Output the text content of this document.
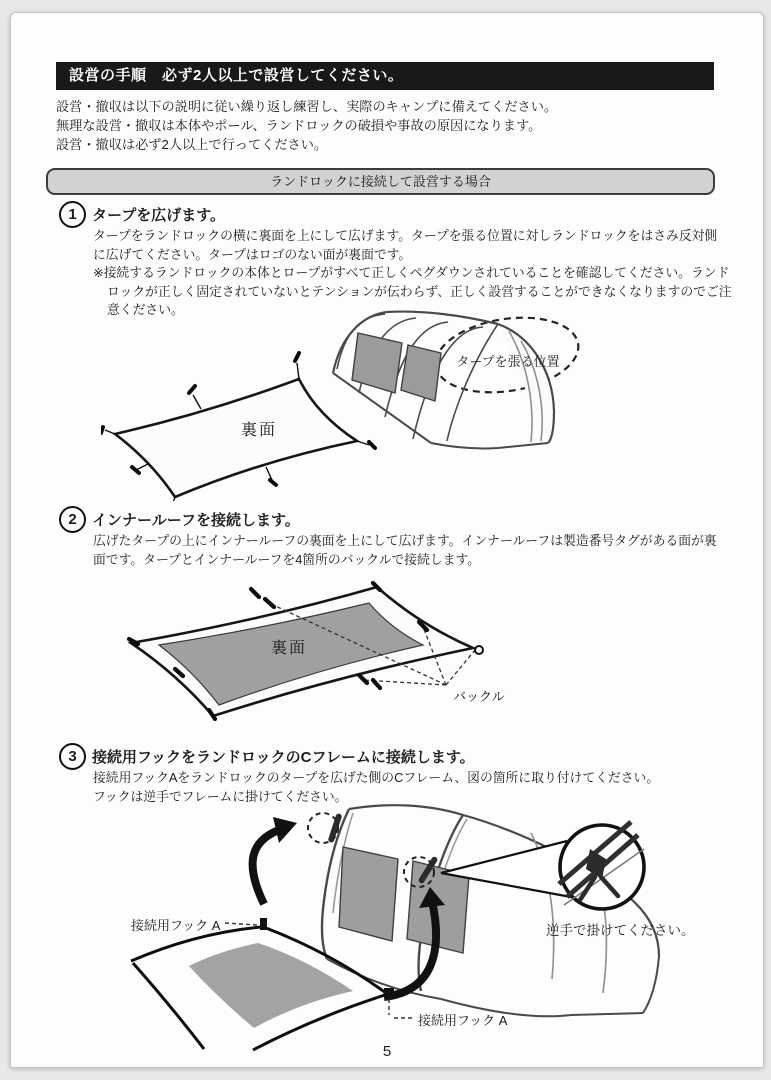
設営の手順　必ず2人以上で設営してください。
設営・撤収は以下の説明に従い繰り返し練習し、実際のキャンプに備えてください。
無理な設営・撤収は本体やポール、ランドロックの破損や事故の原因になります。
設営・撤収は必ず2人以上で行ってください。
ランドロックに接続して設営する場合
1	タープを広げます。
タープをランドロックの横に裏面を上にして広げます。タープを張る位置に対しランドロックをはさみ反対側に広げてください。タープはロゴのない面が裏面です。
※接続するランドロックの本体とロープがすべて正しくペグダウンされていることを確認してください。ランドロックが正しく固定されていないとテンションが伝わらず、正しく設営することができなくなりますのでご注意ください。
裏面
タープを張る位置
2	インナールーフを接続します。
広げたタープの上にインナールーフの裏面を上にして広げます。インナールーフは製造番号タグがある面が裏面です。タープとインナールーフを4箇所のバックルで接続します。
裏面
バックル
3	接続用フックをランドロックのCフレームに接続します。
接続用フックAをランドロックのタープを広げた側のCフレーム、図の箇所に取り付けてください。
フックは逆手でフレームに掛けてください。
接続用フック A
接続用フック A
逆手で掛けてください。
5
